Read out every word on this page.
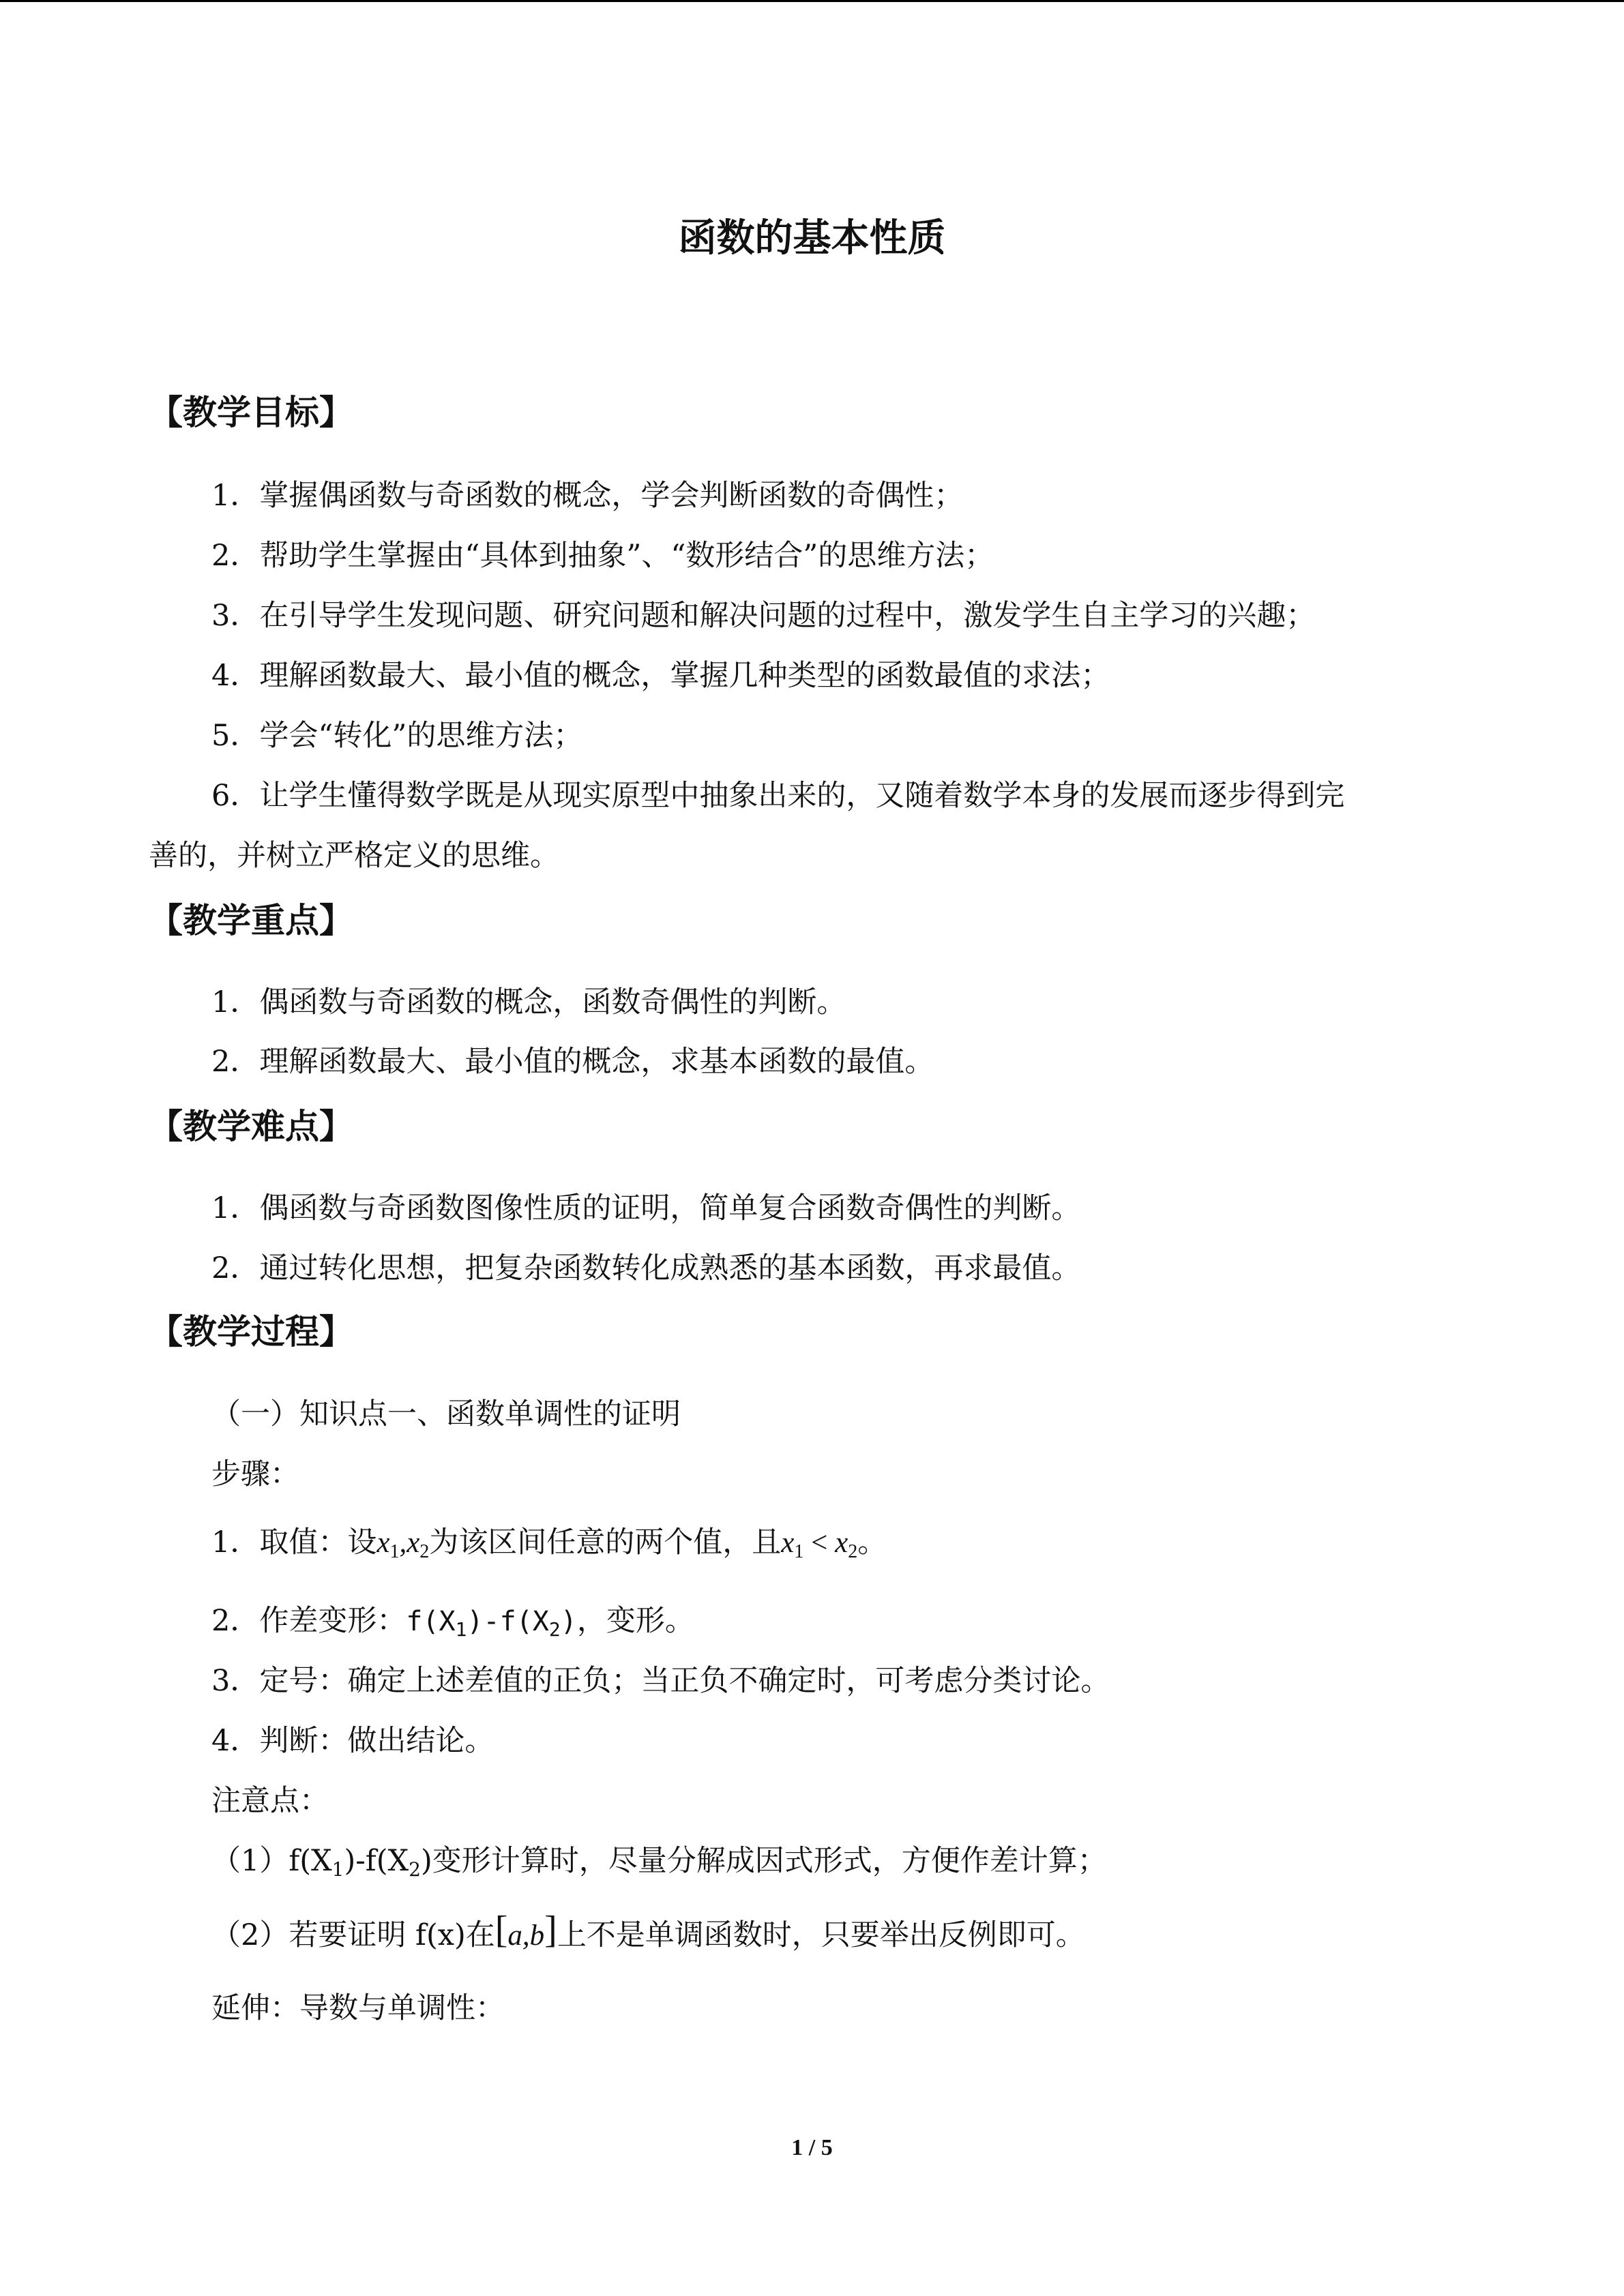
函数的基本性质
【教学目标】
1．掌握偶函数与奇函数的概念，学会判断函数的奇偶性；
2．帮助学生掌握由“具体到抽象”、“数形结合”的思维方法；
3．在引导学生发现问题、研究问题和解决问题的过程中，激发学生自主学习的兴趣；
4．理解函数最大、最小值的概念，掌握几种类型的函数最值的求法；
5．学会“转化”的思维方法；
6．让学生懂得数学既是从现实原型中抽象出来的，又随着数学本身的发展而逐步得到完
善的，并树立严格定义的思维。
【教学重点】
1．偶函数与奇函数的概念，函数奇偶性的判断。
2．理解函数最大、最小值的概念，求基本函数的最值。
【教学难点】
1．偶函数与奇函数图像性质的证明，简单复合函数奇偶性的判断。
2．通过转化思想，把复杂函数转化成熟悉的基本函数，再求最值。
【教学过程】
（一）知识点一、函数单调性的证明
步骤：
1．取值：设$x_1,x_2$为该区间任意的两个值，且$x_1 < x_2$。
2．作差变形：$f(X_1)-f(X_2)$，变形。
3．定号：确定上述差值的正负；当正负不确定时，可考虑分类讨论。
4．判断：做出结论。
注意点：
$(1)f(X_1)-f(X_2)$变形计算时，尽量分解成因式形式，方便作差计算；
（2）若要证明 f(x)在[a,b]上不是单调函数时，只要举出反例即可。
延伸：导数与单调性：
1 / 5
